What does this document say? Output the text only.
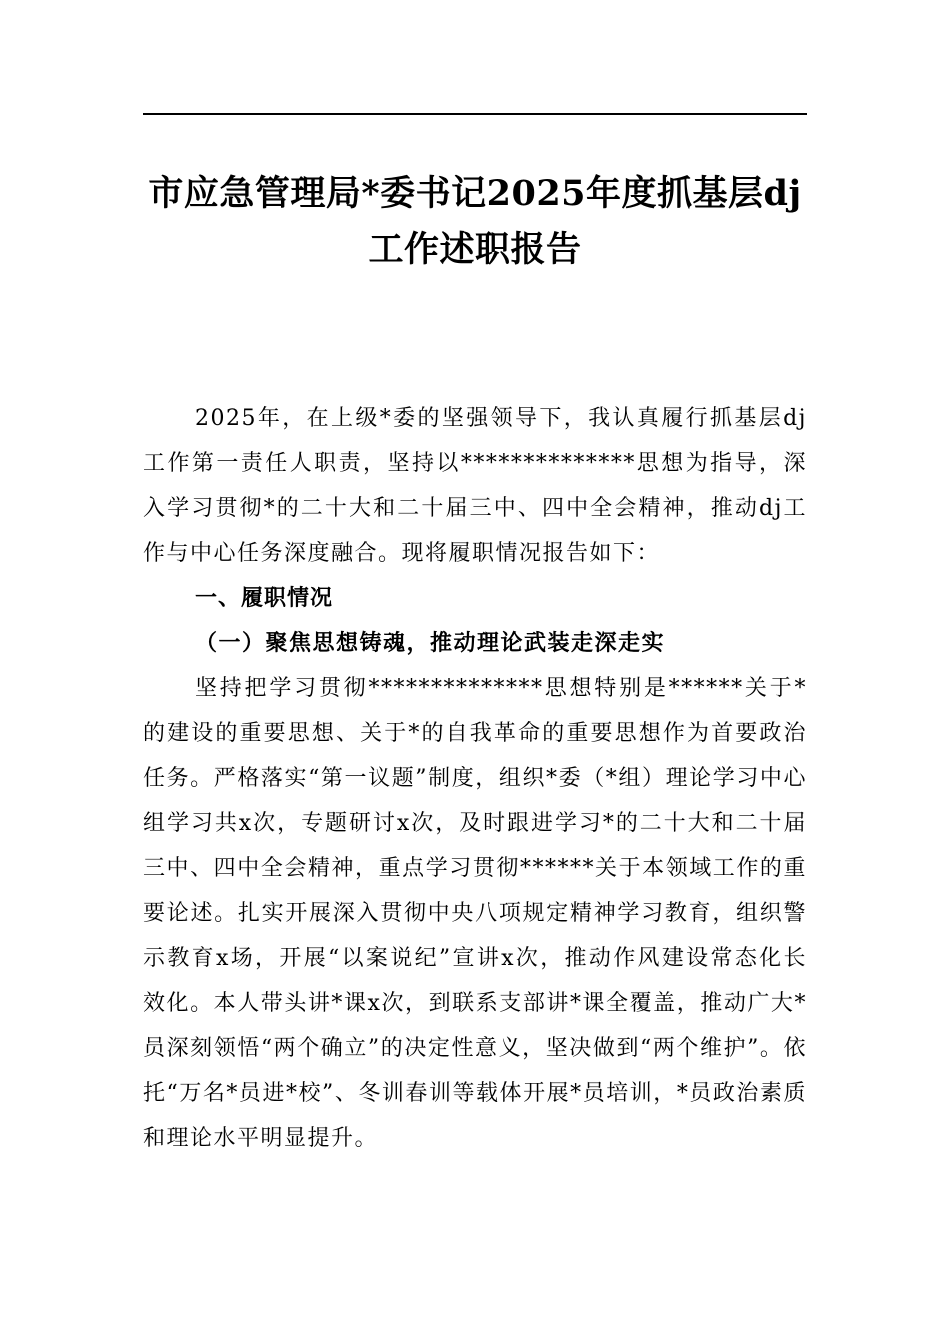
市应急管理局*委书记2025年度抓基层dj
工作述职报告

2025年，在上级*委的坚强领导下，我认真履行抓基层dj工作第一责任人职责，坚持以**************思想为指导，深入学习贯彻*的二十大和二十届三中、四中全会精神，推动dj工作与中心任务深度融合。现将履职情况报告如下：

一、履职情况

（一）聚焦思想铸魂，推动理论武装走深走实

坚持把学习贯彻**************思想特别是******关于*的建设的重要思想、关于*的自我革命的重要思想作为首要政治任务。严格落实“第一议题”制度，组织*委（*组）理论学习中心组学习共x次，专题研讨x次，及时跟进学习*的二十大和二十届三中、四中全会精神，重点学习贯彻******关于本领域工作的重要论述。扎实开展深入贯彻中央八项规定精神学习教育，组织警示教育x场，开展“以案说纪”宣讲x次，推动作风建设常态化长效化。本人带头讲*课x次，到联系支部讲*课全覆盖，推动广大*员深刻领悟“两个确立”的决定性意义，坚决做到“两个维护”。依托“万名*员进*校”、冬训春训等载体开展*员培训，*员政治素质和理论水平明显提升。
